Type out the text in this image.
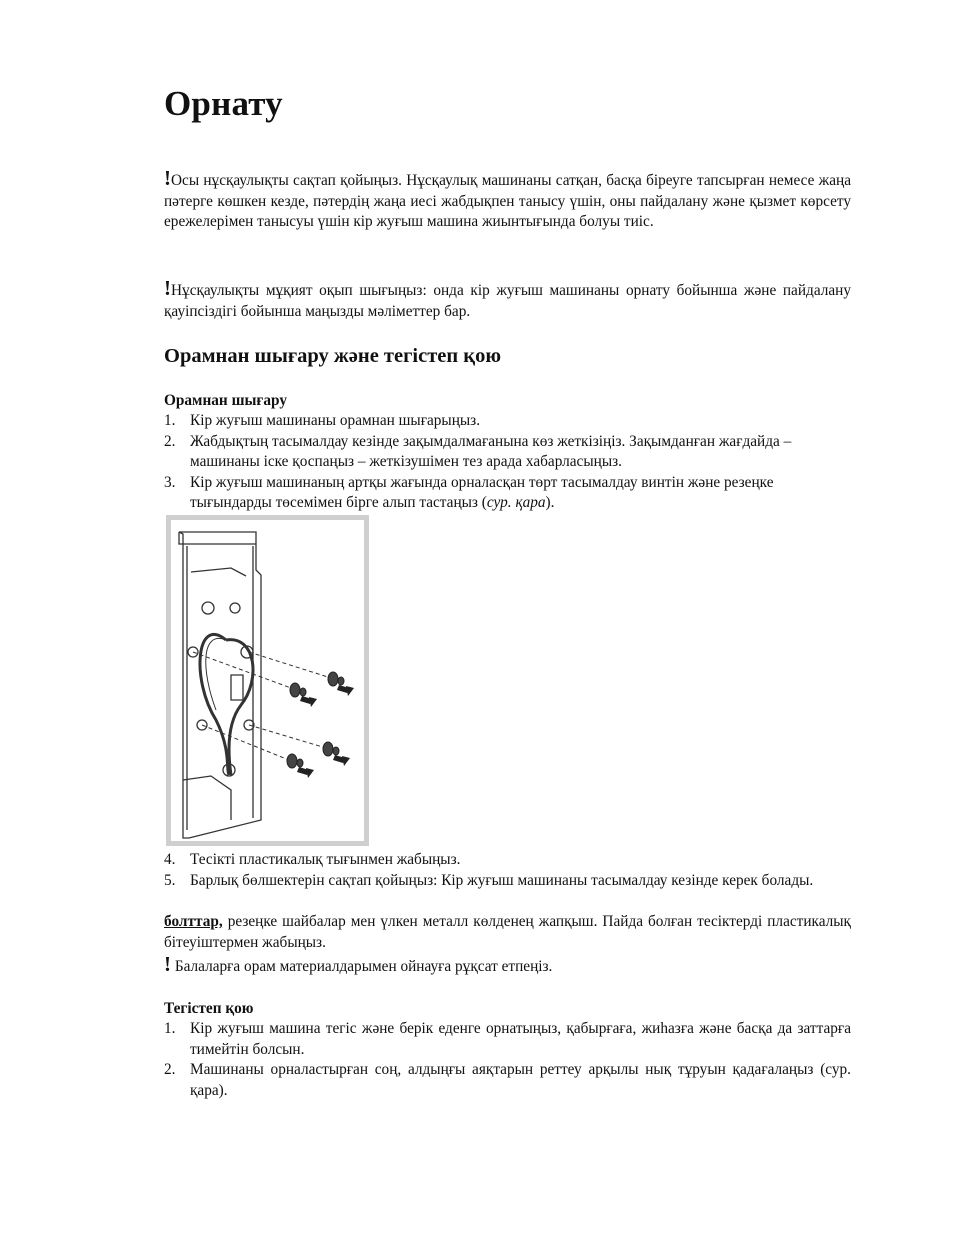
Орнату

!Осы нұсқаулықты сақтап қойыңыз. Нұсқаулық машинаны сатқан, басқа біреуге тапсырған немесе жаңа пәтерге көшкен кезде, пәтердің жаңа иесі жабдықпен танысу үшін, оны пайдалану және қызмет көрсету ережелерімен танысуы үшін кір жуғыш машина жиынтығында болуы тиіс.

!Нұсқаулықты мұқият оқып шығыңыз: онда кір жуғыш машинаны орнату бойынша және пайдалану қауіпсіздігі бойынша маңызды мәліметтер бар.

Орамнан шығару және тегістеп қою

Орамнан шығару

1. Кір жуғыш машинаны орамнан шығарыңыз.
2. Жабдықтың тасымалдау кезінде зақымдалмағанына көз жеткізіңіз. Зақымданған жағдайда – машинаны іске қоспаңыз – жеткізушімен тез арада хабарласыңыз.
3. Кір жуғыш машинаның артқы жағында орналасқан төрт тасымалдау винтін және резеңке тығындарды төсемімен бірге алып тастаңыз (сур. қара).
4. Тесікті пластикалық тығынмен жабыңыз.
5. Барлық бөлшектерін сақтап қойыңыз: Кір жуғыш машинаны тасымалдау кезінде керек болады.

болттар, резеңке шайбалар мен үлкен металл көлденең жапқыш. Пайда болған тесіктерді пластикалық бітеуіштермен жабыңыз.

! Балаларға орам материалдарымен ойнауға рұқсат етпеңіз.

Тегістеп қою

1. Кір жуғыш машина тегіс және берік еденге орнатыңыз, қабырғаға, жиһазға және басқа да заттарға тимейтін болсын.
2. Машинаны орналастырған соң, алдыңғы аяқтарын реттеу арқылы нық тұруын қадағалаңыз (сур. қара).
